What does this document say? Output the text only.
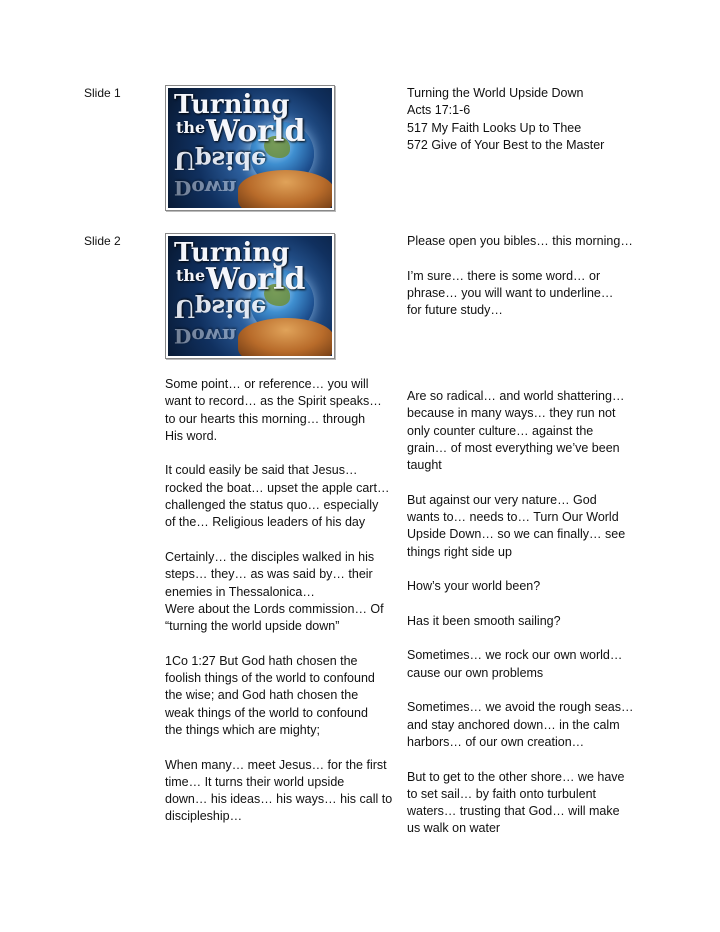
Slide 1 Turning
the World
Upside
Down

Turning the World Upside Down
Acts 17:1-6
517 My Faith Looks Up to Thee
572 Give of Your Best to the Master

Slide 2 Turning
the World
Upside
Down

Please open you bibles… this morning…

I’m sure… there is some word… or
phrase… you will want to underline…
for future study…

Some point… or reference… you will
want to record… as the Spirit speaks…
to our hearts this morning… through
His word.

It could easily be said that Jesus…
rocked the boat… upset the apple cart…
challenged the status quo… especially
of the… Religious leaders of his day

Certainly… the disciples walked in his
steps… they… as was said by… their
enemies in Thessalonica…
Were about the Lords commission… Of
“turning the world upside down”

1Co 1:27 But God hath chosen the
foolish things of the world to confound
the wise; and God hath chosen the
weak things of the world to confound
the things which are mighty;

When many… meet Jesus… for the first
time… It turns their world upside
down… his ideas… his ways… his call to
discipleship…

Are so radical… and world shattering…
because in many ways… they run not
only counter culture… against the
grain… of most everything we’ve been
taught

But against our very nature… God
wants to… needs to… Turn Our World
Upside Down… so we can finally… see
things right side up

How’s your world been?

Has it been smooth sailing?

Sometimes… we rock our own world…
cause our own problems

Sometimes… we avoid the rough seas…
and stay anchored down… in the calm
harbors… of our own creation…

But to get to the other shore… we have
to set sail… by faith onto turbulent
waters… trusting that God… will make
us walk on water
